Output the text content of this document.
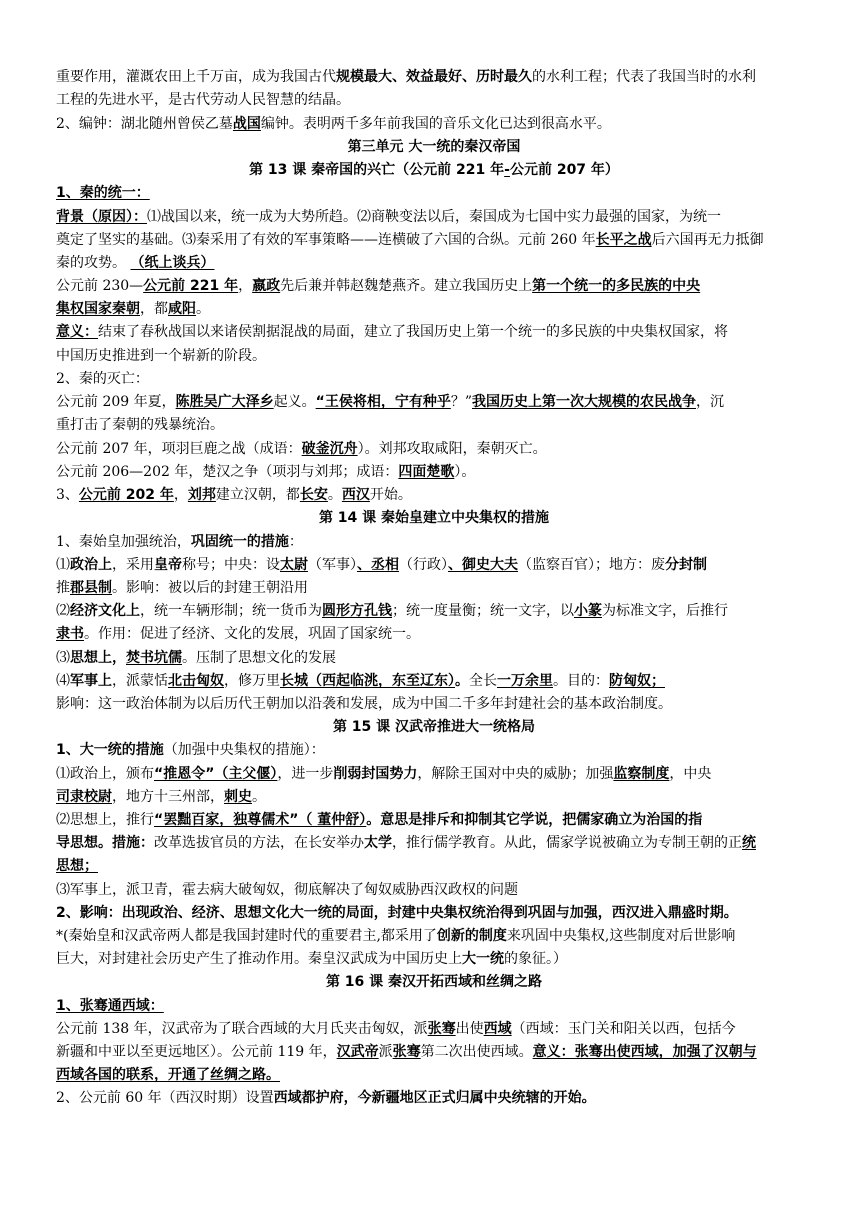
重要作用，灌溉农田上千万亩，成为我国古代规模最大、效益最好、历时最久的水利工程；代表了我国当时的水利
工程的先进水平，是古代劳动人民智慧的结晶。
2、编钟：湖北随州曾侯乙墓战国编钟。表明两千多年前我国的音乐文化已达到很高水平。
第三单元 大一统的秦汉帝国
第 13 课 秦帝国的兴亡（公元前 221 年-公元前 207 年）
1、秦的统一：
背景（原因）：⑴战国以来，统一成为大势所趋。⑵商鞅变法以后，秦国成为七国中实力最强的国家，为统一
奠定了坚实的基础。⑶秦采用了有效的军事策略——连横破了六国的合纵。元前 260 年长平之战后六国再无力抵御
秦的攻势。 （纸上谈兵）
公元前 230—公元前 221 年，嬴政先后兼并韩赵魏楚燕齐。建立我国历史上第一个统一的多民族的中央
集权国家秦朝，都咸阳。
意义：结束了春秋战国以来诸侯割据混战的局面，建立了我国历史上第一个统一的多民族的中央集权国家，将
中国历史推进到一个崭新的阶段。
2、秦的灭亡：
公元前 209 年夏，陈胜吴广大泽乡起义。“王侯将相，宁有种乎？”我国历史上第一次大规模的农民战争，沉
重打击了秦朝的残暴统治。
公元前 207 年，项羽巨鹿之战（成语：破釜沉舟）。刘邦攻取咸阳，秦朝灭亡。
公元前 206—202 年，楚汉之争（项羽与刘邦；成语：四面楚歌）。
3、公元前 202 年，刘邦建立汉朝，都长安。西汉开始。
第 14 课 秦始皇建立中央集权的措施
1、秦始皇加强统治，巩固统一的措施：
⑴政治上，采用皇帝称号；中央：设太尉（军事）、丞相（行政）、御史大夫（监察百官）；地方：废分封制
推郡县制。影响：被以后的封建王朝沿用
⑵经济文化上，统一车辆形制；统一货币为圆形方孔钱；统一度量衡；统一文字，以小篆为标准文字，后推行
隶书。作用：促进了经济、文化的发展，巩固了国家统一。
⑶思想上，焚书坑儒。压制了思想文化的发展
⑷军事上，派蒙恬北击匈奴，修万里长城（西起临洮，东至辽东）。全长一万余里。目的：防匈奴；
影响：这一政治体制为以后历代王朝加以沿袭和发展，成为中国二千多年封建社会的基本政治制度。
第 15 课 汉武帝推进大一统格局
1、大一统的措施（加强中央集权的措施）：
⑴政治上，颁布“推恩令”（主父偃），进一步削弱封国势力，解除王国对中央的威胁；加强监察制度，中央
司隶校尉，地方十三州部，刺史。
⑵思想上，推行“罢黜百家，独尊儒术”（ 董仲舒）。意思是排斥和抑制其它学说，把儒家确立为治国的指
导思想。措施：改革选拔官员的方法，在长安举办太学，推行儒学教育。从此，儒家学说被确立为专制王朝的正统
思想；
⑶军事上，派卫青，霍去病大破匈奴，彻底解决了匈奴威胁西汉政权的问题
2、影响：出现政治、经济、思想文化大一统的局面，封建中央集权统治得到巩固与加强，西汉进入鼎盛时期。
*(秦始皇和汉武帝两人都是我国封建时代的重要君主,都采用了创新的制度来巩固中央集权,这些制度对后世影响
巨大，对封建社会历史产生了推动作用。秦皇汉武成为中国历史上大一统的象征。）
第 16 课 秦汉开拓西域和丝绸之路
1、张骞通西域：
公元前 138 年，汉武帝为了联合西域的大月氏夹击匈奴，派张骞出使西域（西域：玉门关和阳关以西，包括今
新疆和中亚以至更远地区）。公元前 119 年，汉武帝派张骞第二次出使西域。意义：张骞出使西域，加强了汉朝与
西域各国的联系，开通了丝绸之路。
2、公元前 60 年（西汉时期）设置西域都护府，今新疆地区正式归属中央统辖的开始。
